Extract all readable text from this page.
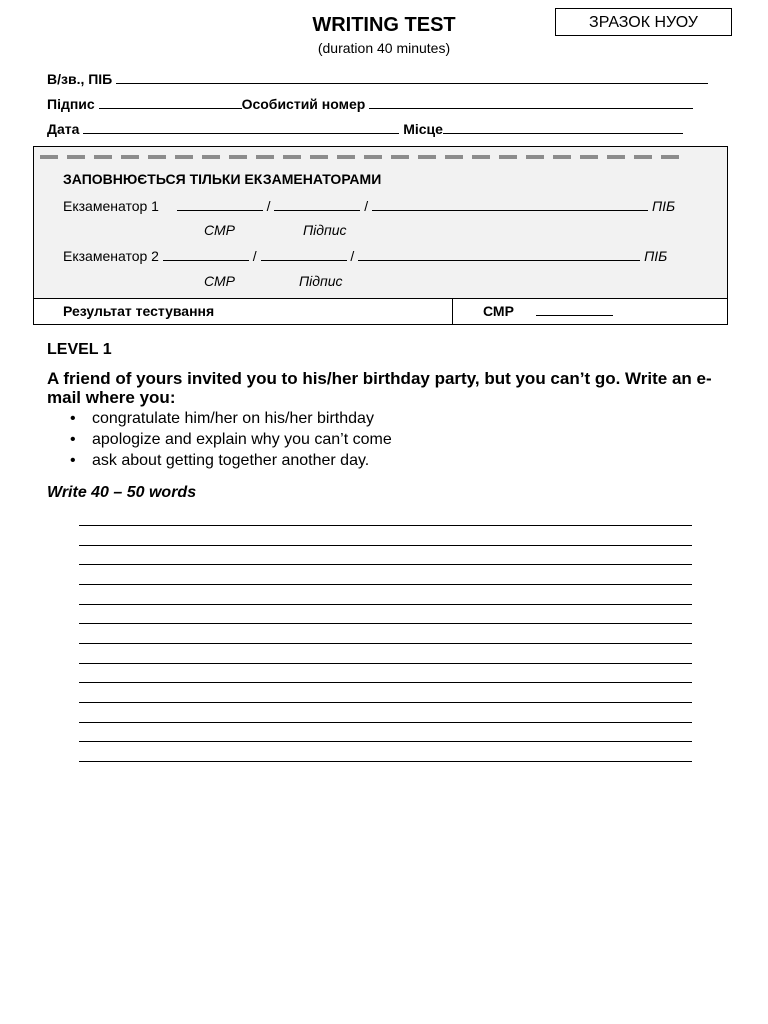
ЗРАЗОК НУОУ
WRITING TEST
(duration 40 minutes)
В/зв., ПІБ
Підпис	Особистий номер
Дата	Місце
ЗАПОВНЮЄТЬСЯ ТІЛЬКИ ЕКЗАМЕНАТОРАМИ
Екзаменатор 1	/	/	ПІБ
СМР	Підпис
Екзаменатор 2	/	/	ПІБ
СМР	Підпис
Результат тестування	СМР
LEVEL 1
A friend of yours invited you to his/her birthday party, but you can’t go. Write an e-mail where you:
• congratulate him/her on his/her birthday
• apologize and explain why you can’t come
• ask about getting together another day.
Write 40 – 50 words
